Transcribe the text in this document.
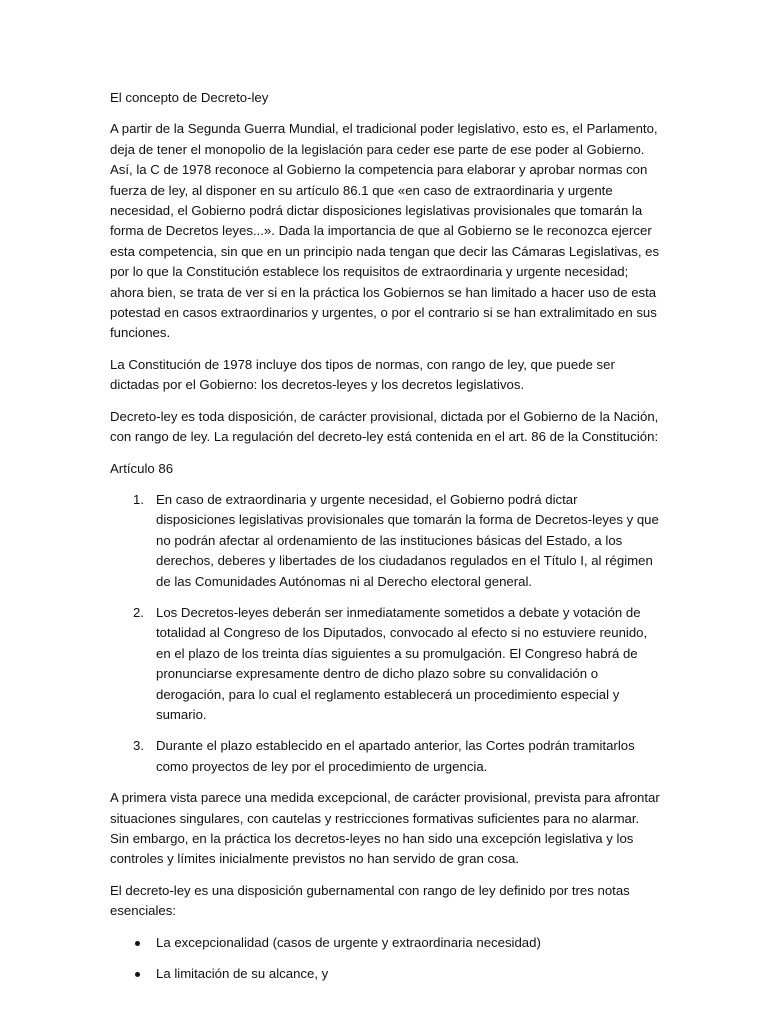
El concepto de Decreto-ley

A partir de la Segunda Guerra Mundial, el tradicional poder legislativo, esto es, el Parlamento, deja de tener el monopolio de la legislación para ceder ese parte de ese poder al Gobierno. Así, la C de 1978 reconoce al Gobierno la competencia para elaborar y aprobar normas con fuerza de ley, al disponer en su artículo 86.1 que «en caso de extraordinaria y urgente necesidad, el Gobierno podrá dictar disposiciones legislativas provisionales que tomarán la forma de Decretos leyes...». Dada la importancia de que al Gobierno se le reconozca ejercer esta competencia, sin que en un principio nada tengan que decir las Cámaras Legislativas, es por lo que la Constitución establece los requisitos de extraordinaria y urgente necesidad; ahora bien, se trata de ver si en la práctica los Gobiernos se han limitado a hacer uso de esta potestad en casos extraordinarios y urgentes, o por el contrario si se han extralimitado en sus funciones.

La Constitución de 1978 incluye dos tipos de normas, con rango de ley, que puede ser dictadas por el Gobierno: los decretos-leyes y los decretos legislativos.

Decreto-ley es toda disposición, de carácter provisional, dictada por el Gobierno de la Nación, con rango de ley. La regulación del decreto-ley está contenida en el art. 86 de la Constitución:

Artículo 86

1. En caso de extraordinaria y urgente necesidad, el Gobierno podrá dictar disposiciones legislativas provisionales que tomarán la forma de Decretos-leyes y que no podrán afectar al ordenamiento de las instituciones básicas del Estado, a los derechos, deberes y libertades de los ciudadanos regulados en el Título I, al régimen de las Comunidades Autónomas ni al Derecho electoral general.
2. Los Decretos-leyes deberán ser inmediatamente sometidos a debate y votación de totalidad al Congreso de los Diputados, convocado al efecto si no estuviere reunido, en el plazo de los treinta días siguientes a su promulgación. El Congreso habrá de pronunciarse expresamente dentro de dicho plazo sobre su convalidación o derogación, para lo cual el reglamento establecerá un procedimiento especial y sumario.
3. Durante el plazo establecido en el apartado anterior, las Cortes podrán tramitarlos como proyectos de ley por el procedimiento de urgencia.

A primera vista parece una medida excepcional, de carácter provisional, prevista para afrontar situaciones singulares, con cautelas y restricciones formativas suficientes para no alarmar. Sin embargo, en la práctica los decretos-leyes no han sido una excepción legislativa y los controles y límites inicialmente previstos no han servido de gran cosa.

El decreto-ley es una disposición gubernamental con rango de ley definido por tres notas esenciales:

La excepcionalidad (casos de urgente y extraordinaria necesidad)
La limitación de su alcance, y
